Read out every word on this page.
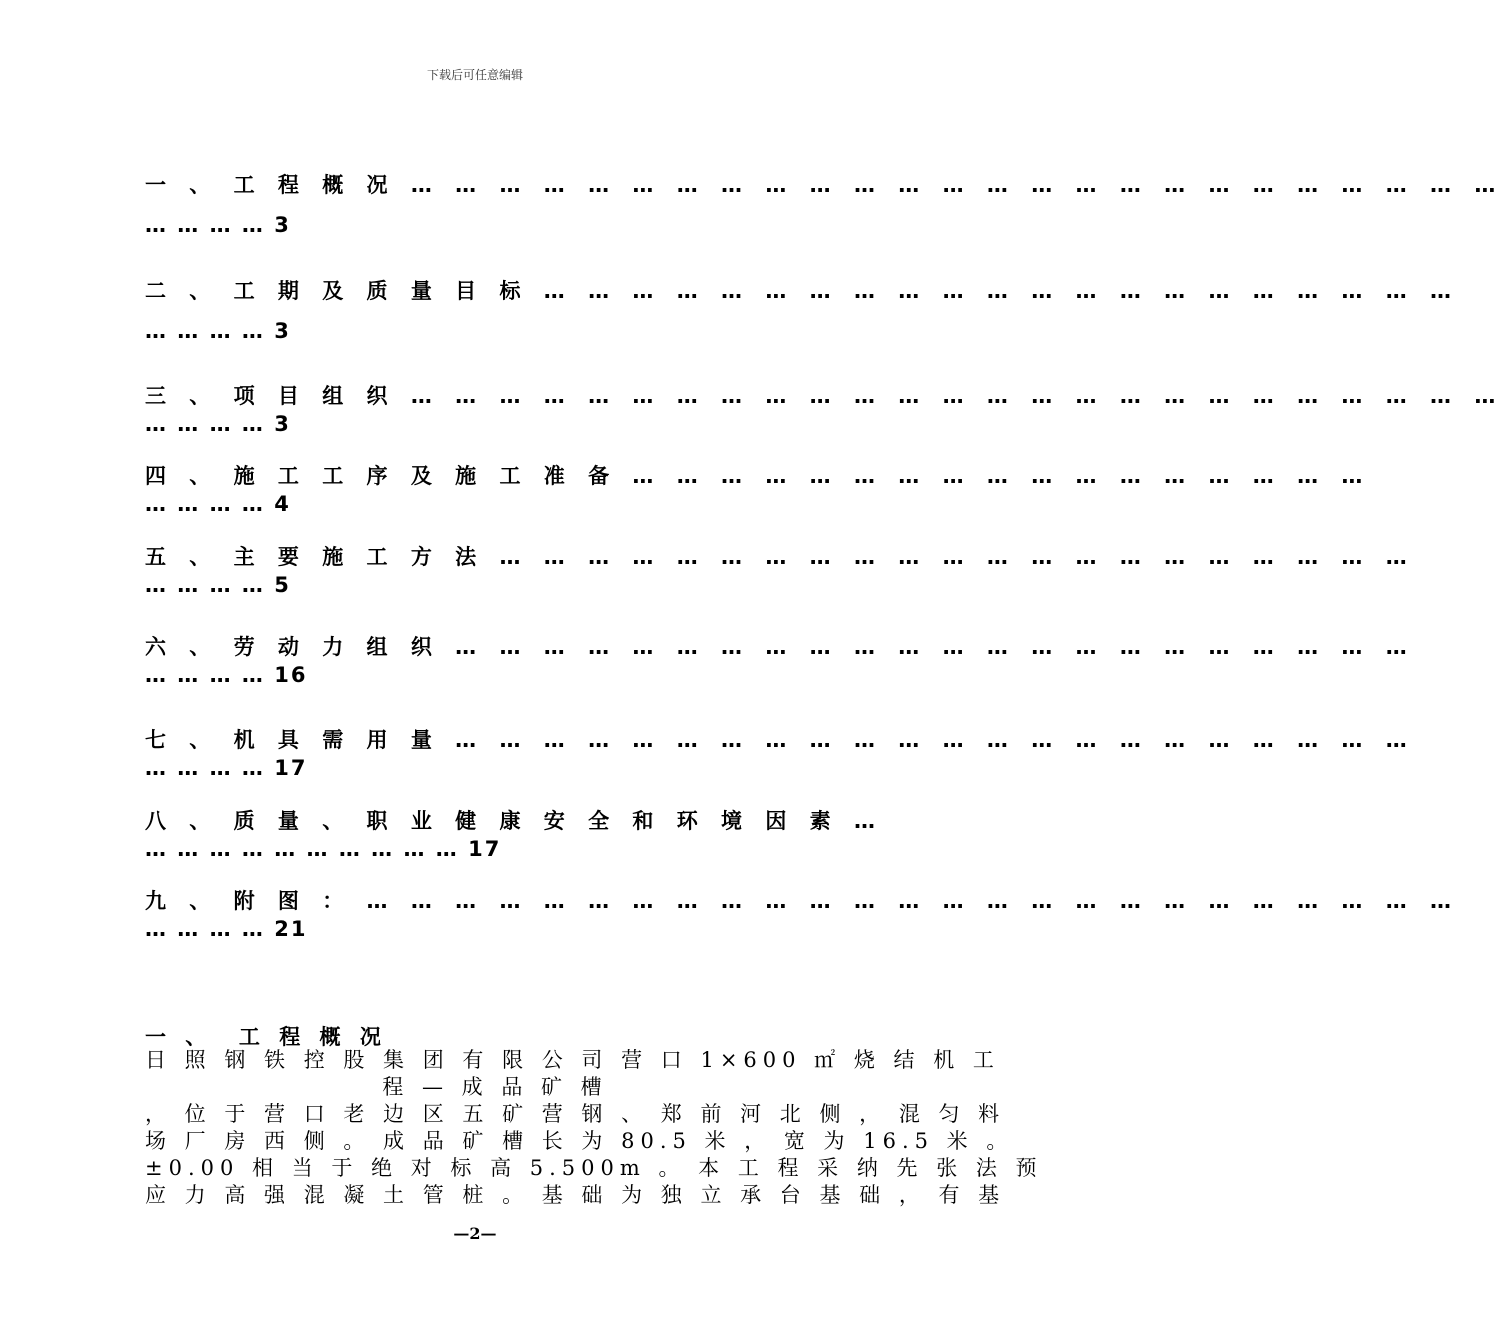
下载后可任意编辑
一 、 工 程 概 况 … … … … … … … … … … … … … … … … … … … … … … … … …
… … … … 3
二 、 工 期 及 质 量 目 标 … … … … … … … … … … … … … … … … … … … … …
… … … … 3
三 、 项 目 组 织 … … … … … … … … … … … … … … … … … … … … … … … … …
… … … … 3
四 、 施 工 工 序 及 施 工 准 备 … … … … … … … … … … … … … … … … …
… … … … 4
五 、 主 要 施 工 方 法 … … … … … … … … … … … … … … … … … … … … …
… … … … 5
六 、 劳 动 力 组 织 … … … … … … … … … … … … … … … … … … … … … …
… … … … 16
七 、 机 具 需 用 量 … … … … … … … … … … … … … … … … … … … … … …
… … … … 17
八 、 质 量 、 职 业 健 康 安 全 和 环 境 因 素 …
… … … … … … … … … … 17
九 、 附 图 ： … … … … … … … … … … … … … … … … … … … … … … … … …
… … … … 21
一 、  工 程 概 况
日 照 钢 铁 控 股 集 团 有 限 公 司 营 口 1×600 ㎡ 烧 结 机 工
程 — 成 品 矿 槽
， 位 于 营 口 老 边 区 五 矿 营 钢 、 郑 前 河 北 侧 ， 混 匀 料
场 厂 房 西 侧 。 成 品 矿 槽 长 为 80.5 米 ， 宽 为 16.5 米 。
±0.00 相 当 于 绝 对 标 高 5.500m 。 本 工 程 采 纳 先 张 法 预
应 力 高 强 混 凝 土 管 桩 。 基 础 为 独 立 承 台 基 础 ， 有 基
—2—
